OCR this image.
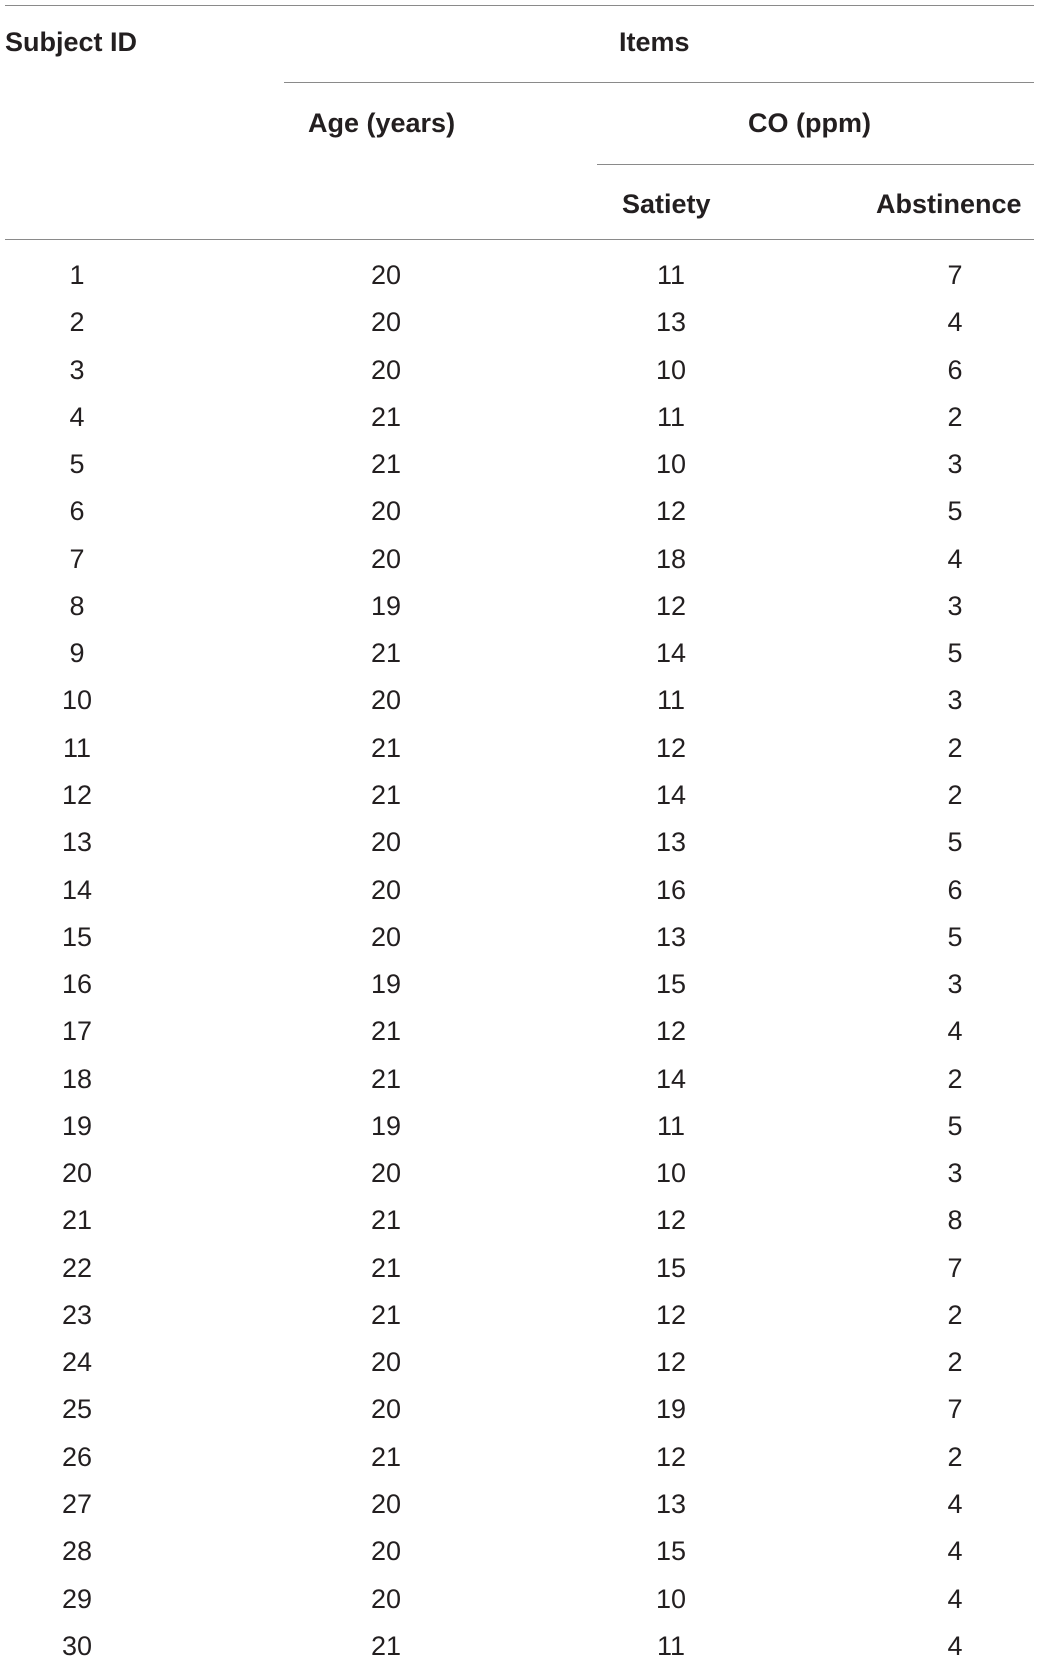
Subject ID	Items
Age (years)	CO (ppm)
Satiety	Abstinence
1	20	11	7
2	20	13	4
3	20	10	6
4	21	11	2
5	21	10	3
6	20	12	5
7	20	18	4
8	19	12	3
9	21	14	5
10	20	11	3
11	21	12	2
12	21	14	2
13	20	13	5
14	20	16	6
15	20	13	5
16	19	15	3
17	21	12	4
18	21	14	2
19	19	11	5
20	20	10	3
21	21	12	8
22	21	15	7
23	21	12	2
24	20	12	2
25	20	19	7
26	21	12	2
27	20	13	4
28	20	15	4
29	20	10	4
30	21	11	4
